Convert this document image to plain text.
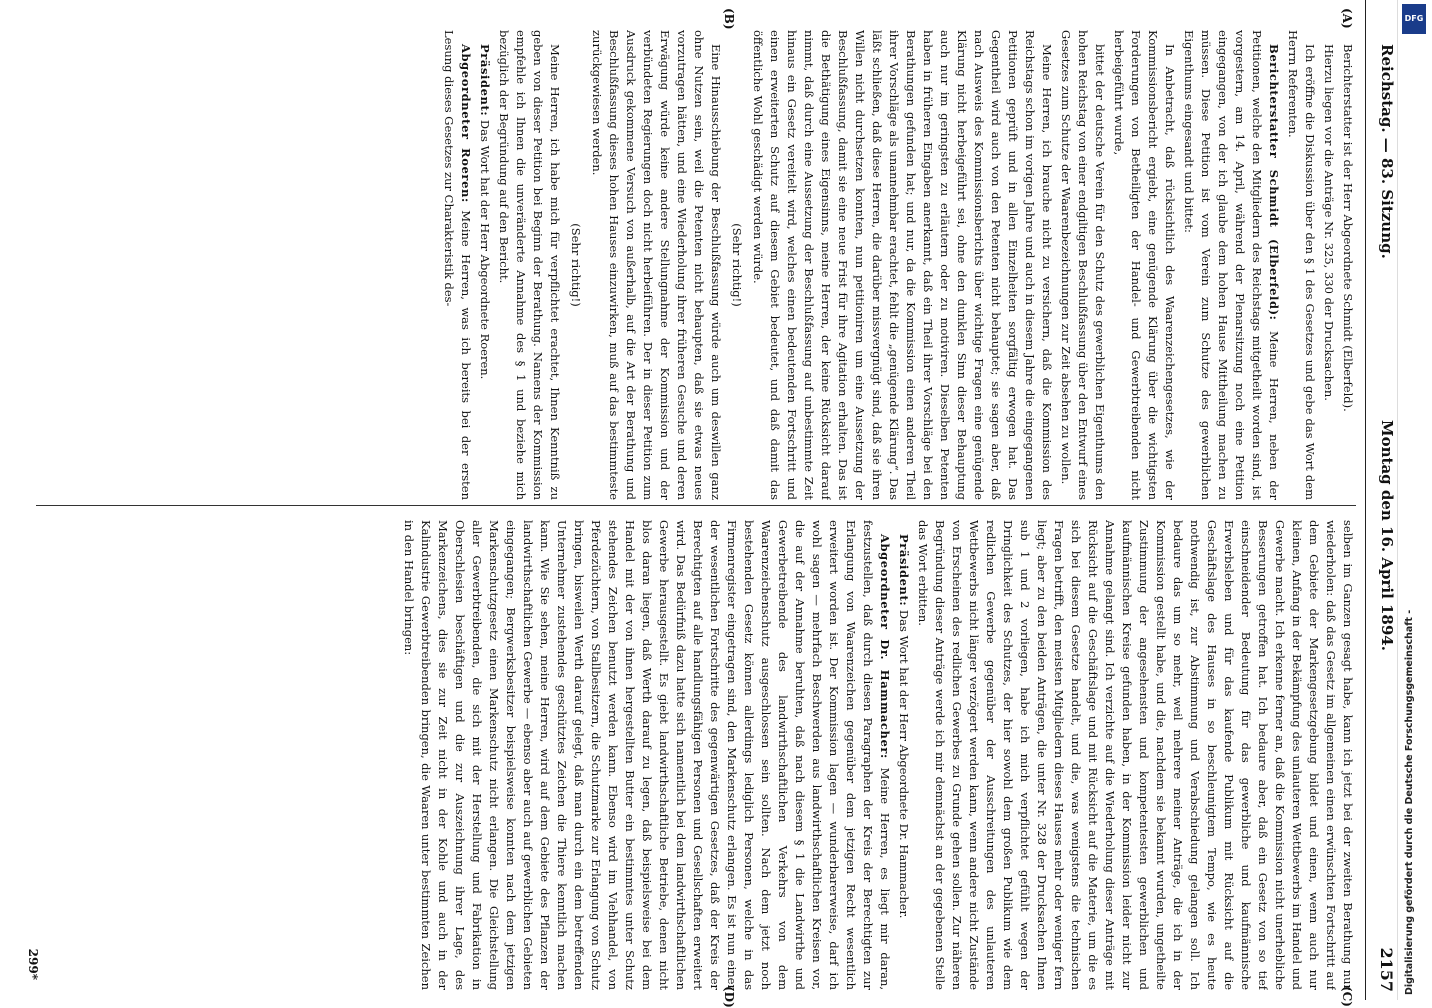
Reichstag. — 83. Sitzung.
Montag den 16. April 1894.
2157
(A)
(B)
(C)
(D)

Berichterstatter ist der Herr Abgeordnete Schmidt (Elberfeld).

Hierzu liegen vor die Anträge Nr. 325, 330 der Drucksachen.

Ich eröffne die Diskussion über den § 1 des Gesetzes und gebe das Wort dem Herrn Referenten.

Berichterstatter Schmidt (Elberfeld): Meine Herren, neben der Petitionen, welche den Mitgliedern des Reichstags mitgetheilt worden sind, ist vorgestern, am 14. April, während der Plenarsitzung noch eine Petition eingegangen, von der ich glaube dem hohen Hause Mittheilung machen zu müssen. Diese Petition ist vom Verein zum Schutze des gewerblichen Eigenthums eingesandt und bittet:

In Anbetracht, daß rücksichtlich des Waarenzeichengesetzes, wie der Kommissionsbericht ergiebt, eine genügende Klärung über die wichtigsten Forderungen von Betheiligten der Handel- und Gewerbtreibenden nicht herbeigeführt wurde,

bittet der deutsche Verein für den Schutz des gewerblichen Eigenthums den hohen Reichstag von einer endgiltigen Beschlußfassung über den Entwurf eines Gesetzes zum Schutze der Waarenbezeichnungen zur Zeit absehen zu wollen.

Meine Herren, ich brauche nicht zu versichern, daß die Kommission des Reichstags schon im vorigen Jahre und auch in diesem Jahre die eingegangenen Petitionen geprüft und in allen Einzelheiten sorgfältig erwogen hat. Das Gegentheil wird auch von den Petenten nicht behauptet; sie sagen aber, daß nach Ausweis des Kommissionsberichts über wichtige Fragen eine genügende Klärung nicht herbeigeführt sei, ohne den dunklen Sinn dieser Behauptung auch nur im geringsten zu erläutern oder zu motiviren. Dieselben Petenten haben in früheren Eingaben anerkannt, daß ein Theil ihrer Vorschläge bei den Berathungen gefunden hat; und nur, da die Kommission einen anderen Theil ihrer Vorschläge als unannehmbar erachtet, fehlt die „genügende Klärung“. Das läßt schließen, daß diese Herren, die darüber missvergnügt sind, daß sie ihren Willen nicht durchsetzen konnten, nun petitioniren um eine Aussetzung der Beschlußfassung, damit sie eine neue Frist für ihre Agitation erhalten. Das ist die Bethätigung eines Eigensinns, meine Herren, der keine Rücksicht darauf nimmt, daß durch eine Aussetzung der Beschlußfassung auf unbestimmte Zeit hinaus ein Gesetz vereitelt wird, welches einen bedeutenden Fortschritt und einen erweiterten Schutz auf diesem Gebiet bedeutet, und daß damit das öffentliche Wohl geschädigt werden würde.

(Sehr richtig!)

Eine Hinausschiebung der Beschlußfassung würde auch um deswillen ganz ohne Nutzen sein, weil die Petenten nicht behaupten, daß sie etwas neues vorzutragen hätten, und eine Wiederholung ihrer früheren Gesuche und deren Erwägung würde keine andere Stellungnahme der Kommission und der verbündeten Regierungen doch nicht herbeiführen. Der in dieser Petition zum Ausdruck gekommene Versuch von außerhalb, auf die Art der Berathung und Beschlußfassung dieses hohen Hauses einzuwirken, muß auf das bestimmteste zurückgewiesen werden.

(Sehr richtig!)

Meine Herren, ich habe mich für verpflichtet erachtet, Ihnen Kenntniß zu geben von dieser Petition bei Beginn der Berathung. Namens der Kommission empfehle ich Ihnen die unveränderte Annahme des § 1 und beziehe mich bezüglich der Begründung auf den Bericht.

Präsident: Das Wort hat der Herr Abgeordnete Roeren.

Abgeordneter Roeren: Meine Herren, was ich bereits bei der ersten Lesung dieses Gesetzes zur Charakteristik des-

selben im Ganzen gesagt habe, kann ich jetzt bei der zweiten Berathung nur wiederholen: daß das Gesetz im allgemeinen einen erwünschten Fortschritt auf dem Gebiete der Markengesetzgebung bildet und einen, wenn auch nur kleinen, Anfang in der Bekämpfung des unlauteren Wettbewerbs im Handel und Gewerbe macht. Ich erkenne ferner an, daß die Kommission nicht unerhebliche Besserungen getroffen hat. Ich bedaure aber, daß ein Gesetz von so tief einschneidender Bedeutung für das gewerbliche und kaufmännische Erwerbsleben und für das kaufende Publikum mit Rücksicht auf die Geschäftslage des Hauses in so beschleunigtem Tempo, wie es heute nothwendig ist, zur Abstimmung und Verabschiedung gelangen soll. Ich bedaure das um so mehr, weil mehrere meiner Anträge, die ich in der Kommission gestellt habe, und die, nachdem sie bekannt wurden, ungetheilte Zustimmung der angesehensten und kompetentesten gewerblichen und kaufmännischen Kreise gefunden haben, in der Kommission leider nicht zur Annahme gelangt sind. Ich verzichte auf die Wiederholung dieser Anträge mit Rücksicht auf die Geschäftslage und mit Rücksicht auf die Materie, um die es sich bei diesem Gesetze handelt, und die, was wenigstens die technischen Fragen betrifft, den meisten Mitgliedern dieses Hauses mehr oder weniger fern liegt; aber zu den beiden Anträgen, die unter Nr. 328 der Drucksachen Ihnen sub 1 und 2 vorliegen, habe ich mich verpflichtet gefühlt wegen der Dringlichkeit des Schutzes, der hier sowohl dem großen Publikum wie dem redlichen Gewerbe gegenüber der Ausschreitungen des unlauteren Wettbewerbs nicht länger verzögert werden kann, wenn andere nicht Zustände von Erscheinen des redlichen Gewerbes zu Grunde gehen sollen. Zur näheren Begründung dieser Anträge werde ich mir demnächst an der gegebenen Stelle das Wort erbitten.

Präsident: Das Wort hat der Herr Abgeordnete Dr. Hammacher.

Abgeordneter Dr. Hammacher: Meine Herren, es liegt mir daran, festzustellen, daß durch diesen Paragraphen der Kreis der Berechtigten zur Erlangung von Waarenzeichen gegenüber dem jetzigen Recht wesentlich erweitert worden ist. Der Kommission lagen — wunderbarerweise, darf ich wohl sagen — mehrfach Beschwerden aus landwirthschaftlichen Kreisen vor, die auf der Annahme beruhten, daß nach diesem § 1 die Landwirthe und Gewerbetreibende des landwirthschaftlichen Verkehrs von dem Waarenzeichenschutz ausgeschlossen sein sollten. Nach dem jetzt noch bestehenden Gesetz können allerdings lediglich Personen, welche in das Firmenregister eingetragen sind, den Markenschutz erlangen. Es ist nun einer der wesentlichen Fortschritte des gegenwärtigen Gesetzes, daß der Kreis der Berechtigten auf alle handlungsfähigen Personen und Gesellschaften erweitert wird. Das Bedürfniß dazu hatte sich namentlich bei dem landwirthschaftlichen Gewerbe herausgestellt. Es giebt landwirthschaftliche Betriebe, denen nicht blos daran liegen, daß Werth darauf zu legen, daß beispielsweise bei dem Handel mit der von ihnen hergestellten Butter ein bestimmtes unter Schutz stehendes Zeichen benutzt werden kann. Ebenso wird im Viehhandel, von Pferdezüchtern, von Stallbesitzern, die Schutzmarke zur Erlangung von Schutz bringen, bisweilen Werth darauf gelegt, daß man durch ein dem betreffenden Unternehmer zustehendes geschütztes Zeichen die Thiere kenntlich machen kann. Wie Sie sehen, meine Herren, wird auf dem Gebiete des Pflanzen der landwirthschaftlichen Gewerbe — ebenso aber auch auf gewerblichen Gebieten eingegangen; Bergwerksbesitzer beispielsweise konnten nach dem jetzigen Markenschutzgesetz einen Markenschutz nicht erlangen. Die Gleichstellung aller Gewerbtreibenden, die sich mit der Herstellung und Fabrikation in Oberschlesien beschäftigen und die zur Auszeichnung ihrer Lage, des Markenzeichens, dies sie zur Zeit nicht in der Kohle und auch in der Kalindustrie Gewerbtreibenden bringen, die Waaren unter bestimmten Zeichen in den Handel bringen:

299*
DFG
Digitalisierung gefördert durch die Deutsche Forschungsgemeinschaft -
